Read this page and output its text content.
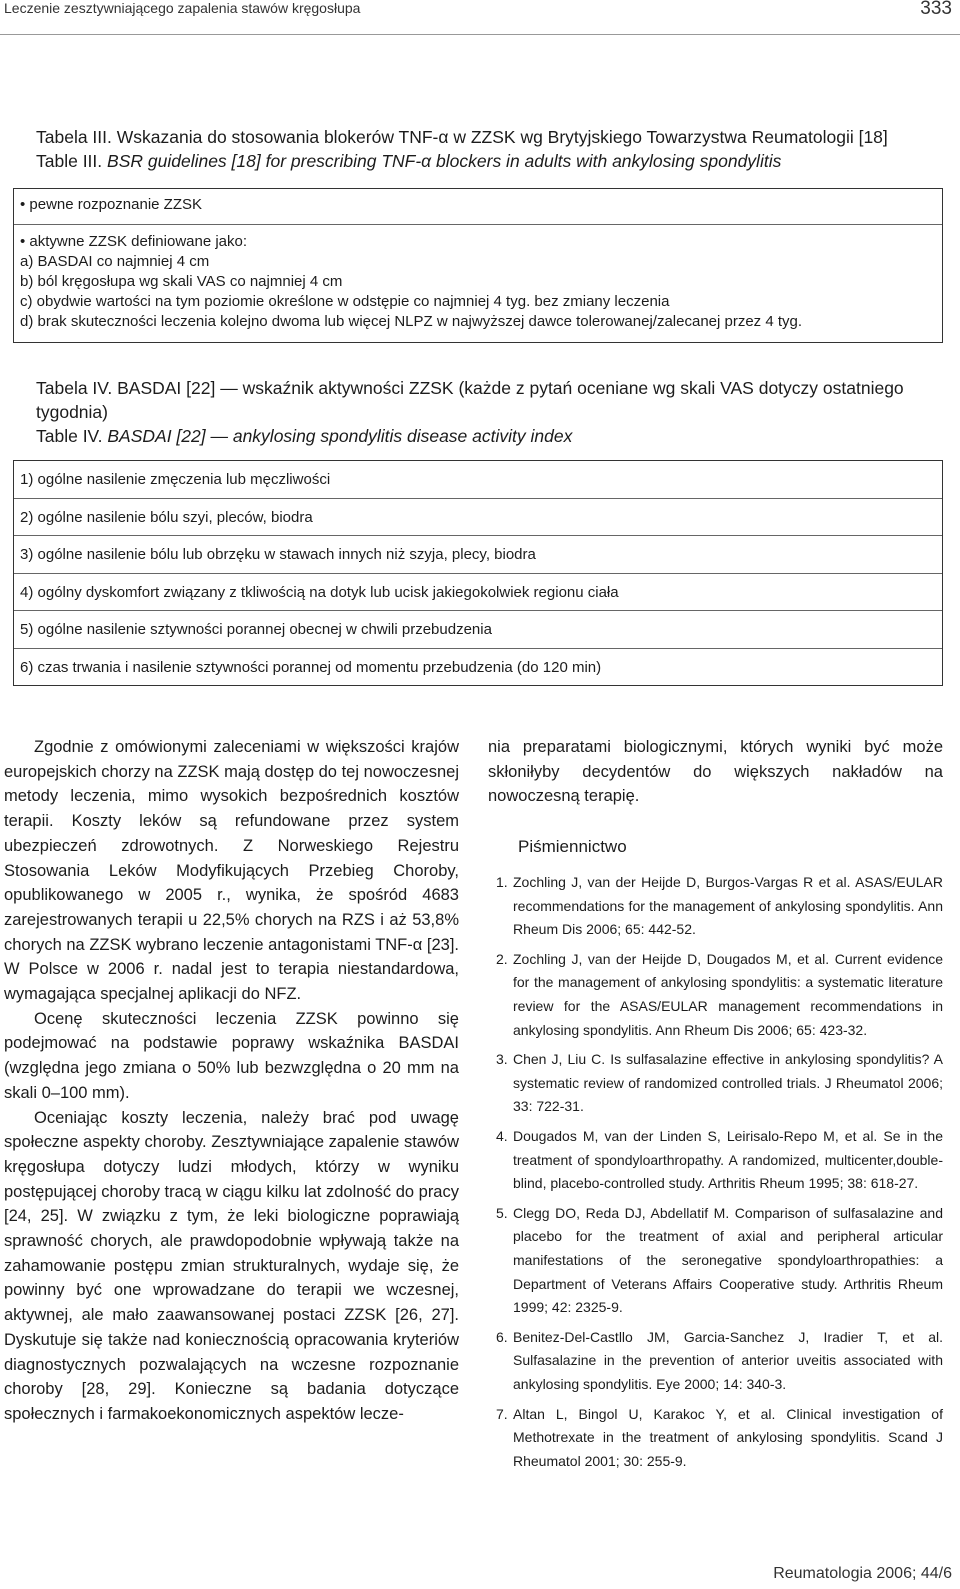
Leczenie zesztywniającego zapalenia stawów kręgosłupa	333
Tabela III. Wskazania do stosowania blokerów TNF-α w ZZSK wg Brytyjskiego Towarzystwa Reumatologii [18]
Table III. BSR guidelines [18] for prescribing TNF-α blockers in adults with ankylosing spondylitis
• pewne rozpoznanie ZZSK
• aktywne ZZSK definiowane jako:
a) BASDAI co najmniej 4 cm
b) ból kręgosłupa wg skali VAS co najmniej 4 cm
c) obydwie wartości na tym poziomie określone w odstępie co najmniej 4 tyg. bez zmiany leczenia
d) brak skuteczności leczenia kolejno dwoma lub więcej NLPZ w najwyższej dawce tolerowanej/zalecanej przez 4 tyg.
Tabela IV. BASDAI [22] — wskaźnik aktywności ZZSK (każde z pytań oceniane wg skali VAS dotyczy ostatniego tygodnia)
Table IV. BASDAI [22] — ankylosing spondylitis disease activity index
1) ogólne nasilenie zmęczenia lub męczliwości
2) ogólne nasilenie bólu szyi, pleców, biodra
3) ogólne nasilenie bólu lub obrzęku w stawach innych niż szyja, plecy, biodra
4) ogólny dyskomfort związany z tkliwością na dotyk lub ucisk jakiegokolwiek regionu ciała
5) ogólne nasilenie sztywności porannej obecnej w chwili przebudzenia
6) czas trwania i nasilenie sztywności porannej od momentu przebudzenia (do 120 min)

Zgodnie z omówionymi zaleceniami w większości krajów europejskich chorzy na ZZSK mają dostęp do tej nowoczesnej metody leczenia, mimo wysokich bezpośrednich kosztów terapii. Koszty leków są refundowane przez system ubezpieczeń zdrowotnych. Z Norweskiego Rejestru Stosowania Leków Modyfikujących Przebieg Choroby, opublikowanego w 2005 r., wynika, że spośród 4683 zarejestrowanych terapii u 22,5% chorych na RZS i aż 53,8% chorych na ZZSK wybrano leczenie antagonistami TNF-α [23]. W Polsce w 2006 r. nadal jest to terapia niestandardowa, wymagająca specjalnej aplikacji do NFZ.

Ocenę skuteczności leczenia ZZSK powinno się podejmować na podstawie poprawy wskaźnika BASDAI (względna jego zmiana o 50% lub bezwzględna o 20 mm na skali 0–100 mm).

Oceniając koszty leczenia, należy brać pod uwagę społeczne aspekty choroby. Zesztywniające zapalenie stawów kręgosłupa dotyczy ludzi młodych, którzy w wyniku postępującej choroby tracą w ciągu kilku lat zdolność do pracy [24, 25]. W związku z tym, że leki biologiczne poprawiają sprawność chorych, ale prawdopodobnie wpływają także na zahamowanie postępu zmian strukturalnych, wydaje się, że powinny być one wprowadzane do terapii we wczesnej, aktywnej, ale mało zaawansowanej postaci ZZSK [26, 27]. Dyskutuje się także nad koniecznością opracowania kryteriów diagnostycznych pozwalających na wczesne rozpoznanie choroby [28, 29]. Konieczne są badania dotyczące społecznych i farmakoekonomicznych aspektów lecze-

nia preparatami biologicznymi, których wyniki być może skłoniłyby decydentów do większych nakładów na nowoczesną terapię.

Piśmiennictwo
1. Zochling J, van der Heijde D, Burgos-Vargas R et al. ASAS/EULAR recommendations for the management of ankylosing spondylitis. Ann Rheum Dis 2006; 65: 442-52.
2. Zochling J, van der Heijde D, Dougados M, et al. Current evidence for the management of ankylosing spondylitis: a systematic literature review for the ASAS/EULAR management recommendations in ankylosing spondylitis. Ann Rheum Dis 2006; 65: 423-32.
3. Chen J, Liu C. Is sulfasalazine effective in ankylosing spondylitis? A systematic review of randomized controlled trials. J Rheumatol 2006; 33: 722-31.
4. Dougados M, van der Linden S, Leirisalo-Repo M, et al. Se in the treatment of spondyloarthropathy. A randomized, multicenter,double-blind, placebo-controlled study. Arthritis Rheum 1995; 38: 618-27.
5. Clegg DO, Reda DJ, Abdellatif M. Comparison of sulfasalazine and placebo for the treatment of axial and peripheral articular manifestations of the seronegative spondyloarthropathies: a Department of Veterans Affairs Cooperative study. Arthritis Rheum 1999; 42: 2325-9.
6. Benitez-Del-Castllo JM, Garcia-Sanchez J, Iradier T, et al. Sulfasalazine in the prevention of anterior uveitis associated with ankylosing spondylitis. Eye 2000; 14: 340-3.
7. Altan L, Bingol U, Karakoc Y, et al. Clinical investigation of Methotrexate in the treatment of ankylosing spondylitis. Scand J Rheumatol 2001; 30: 255-9.
Reumatologia 2006; 44/6
